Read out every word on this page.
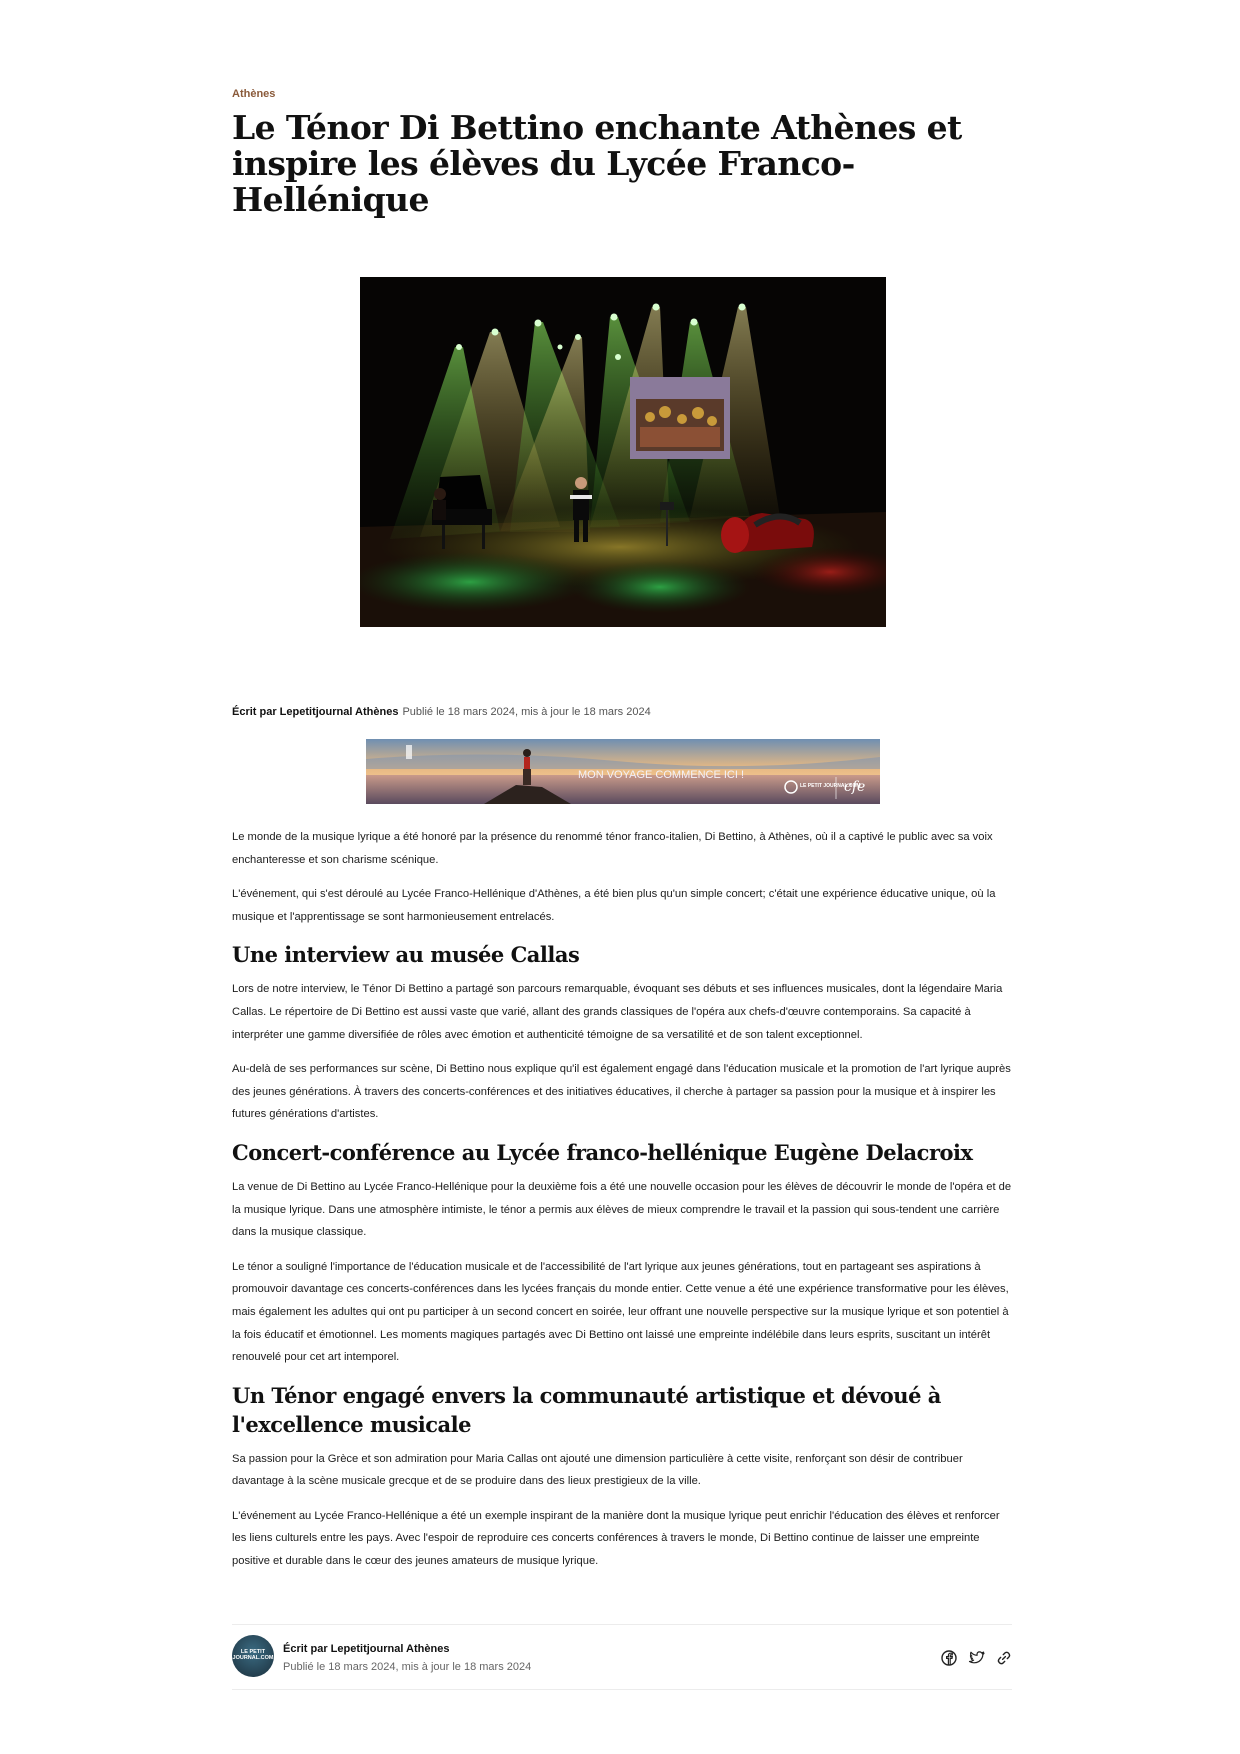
Athènes
Le Ténor Di Bettino enchante Athènes et inspire les élèves du Lycée Franco-Hellénique
Écrit par Lepetitjournal Athènes Publié le 18 mars 2024, mis à jour le 18 mars 2024
MON VOYAGE COMMENCE ICI !
LE PETIT JOURNAL.COM
cfe

Le monde de la musique lyrique a été honoré par la présence du renommé ténor franco-italien, Di Bettino, à Athènes, où il a captivé le public avec sa voix enchanteresse et son charisme scénique.

L'événement, qui s'est déroulé au Lycée Franco-Hellénique d'Athènes, a été bien plus qu'un simple concert; c'était une expérience éducative unique, où la musique et l'apprentissage se sont harmonieusement entrelacés.

Une interview au musée Callas

Lors de notre interview, le Ténor Di Bettino a partagé son parcours remarquable, évoquant ses débuts et ses influences musicales, dont la légendaire Maria Callas. Le répertoire de Di Bettino est aussi vaste que varié, allant des grands classiques de l'opéra aux chefs-d'œuvre contemporains. Sa capacité à interpréter une gamme diversifiée de rôles avec émotion et authenticité témoigne de sa versatilité et de son talent exceptionnel.

Au-delà de ses performances sur scène, Di Bettino nous explique qu'il est également engagé dans l'éducation musicale et la promotion de l'art lyrique auprès des jeunes générations. À travers des concerts-conférences et des initiatives éducatives, il cherche à partager sa passion pour la musique et à inspirer les futures générations d'artistes.

Concert-conférence au Lycée franco-hellénique Eugène Delacroix

La venue de Di Bettino au Lycée Franco-Hellénique pour la deuxième fois a été une nouvelle occasion pour les élèves de découvrir le monde de l'opéra et de la musique lyrique. Dans une atmosphère intimiste, le ténor a permis aux élèves de mieux comprendre le travail et la passion qui sous-tendent une carrière dans la musique classique.

Le ténor a souligné l'importance de l'éducation musicale et de l'accessibilité de l'art lyrique aux jeunes générations, tout en partageant ses aspirations à promouvoir davantage ces concerts-conférences dans les lycées français du monde entier. Cette venue a été une expérience transformative pour les élèves, mais également les adultes qui ont pu participer à un second concert en soirée, leur offrant une nouvelle perspective sur la musique lyrique et son potentiel à la fois éducatif et émotionnel. Les moments magiques partagés avec Di Bettino ont laissé une empreinte indélébile dans leurs esprits, suscitant un intérêt renouvelé pour cet art intemporel.

Un Ténor engagé envers la communauté artistique et dévoué à l'excellence musicale

Sa passion pour la Grèce et son admiration pour Maria Callas ont ajouté une dimension particulière à cette visite, renforçant son désir de contribuer davantage à la scène musicale grecque et de se produire dans des lieux prestigieux de la ville.

L'événement au Lycée Franco-Hellénique a été un exemple inspirant de la manière dont la musique lyrique peut enrichir l'éducation des élèves et renforcer les liens culturels entre les pays. Avec l'espoir de reproduire ces concerts conférences à travers le monde, Di Bettino continue de laisser une empreinte positive et durable dans le cœur des jeunes amateurs de musique lyrique.

LE PETIT JOURNAL.COM
Écrit par Lepetitjournal Athènes
Publié le 18 mars 2024, mis à jour le 18 mars 2024
